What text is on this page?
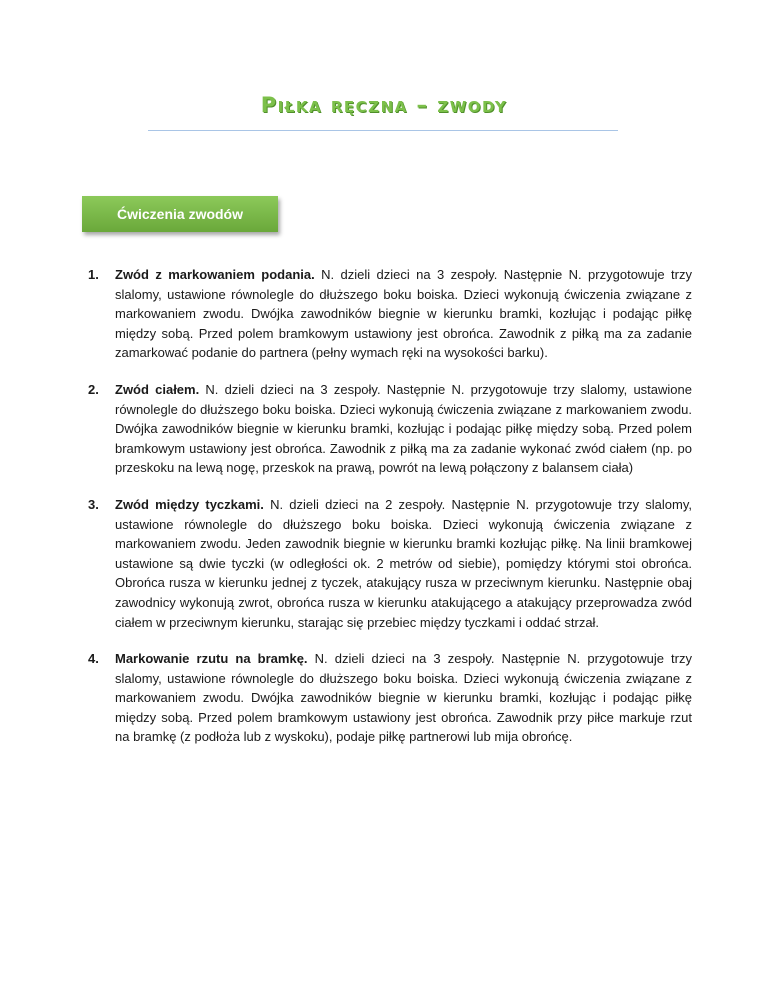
Piłka ręczna – zwody
Ćwiczenia zwodów
1. Zwód z markowaniem podania. N. dzieli dzieci na 3 zespoły. Następnie N. przygotowuje trzy slalomy, ustawione równolegle do dłuższego boku boiska. Dzieci wykonują ćwiczenia związane z markowaniem zwodu. Dwójka zawodników biegnie w kierunku bramki, kozłując i podając piłkę między sobą. Przed polem bramkowym ustawiony jest obrońca. Zawodnik z piłką ma za zadanie zamarkować podanie do partnera (pełny wymach ręki na wysokości barku).
2. Zwód ciałem. N. dzieli dzieci na 3 zespoły. Następnie N. przygotowuje trzy slalomy, ustawione równolegle do dłuższego boku boiska. Dzieci wykonują ćwiczenia związane z markowaniem zwodu. Dwójka zawodników biegnie w kierunku bramki, kozłując i podając piłkę między sobą. Przed polem bramkowym ustawiony jest obrońca. Zawodnik z piłką ma za zadanie wykonać zwód ciałem (np. po przeskoku na lewą nogę, przeskok na prawą, powrót na lewą połączony z balansem ciała)
3. Zwód między tyczkami. N. dzieli dzieci na 2 zespoły. Następnie N. przygotowuje trzy slalomy, ustawione równolegle do dłuższego boku boiska. Dzieci wykonują ćwiczenia związane z markowaniem zwodu. Jeden zawodnik biegnie w kierunku bramki kozłując piłkę. Na linii bramkowej ustawione są dwie tyczki (w odległości ok. 2 metrów od siebie), pomiędzy którymi stoi obrońca. Obrońca rusza w kierunku jednej z tyczek, atakujący rusza w przeciwnym kierunku. Następnie obaj zawodnicy wykonują zwrot, obrońca rusza w kierunku atakującego a atakujący przeprowadza zwód ciałem w przeciwnym kierunku, starając się przebiec między tyczkami i oddać strzał.
4. Markowanie rzutu na bramkę. N. dzieli dzieci na 3 zespoły. Następnie N. przygotowuje trzy slalomy, ustawione równolegle do dłuższego boku boiska. Dzieci wykonują ćwiczenia związane z markowaniem zwodu. Dwójka zawodników biegnie w kierunku bramki, kozłując i podając piłkę między sobą. Przed polem bramkowym ustawiony jest obrońca. Zawodnik przy piłce markuje rzut na bramkę (z podłoża lub z wyskoku), podaje piłkę partnerowi lub mija obrońcę.
